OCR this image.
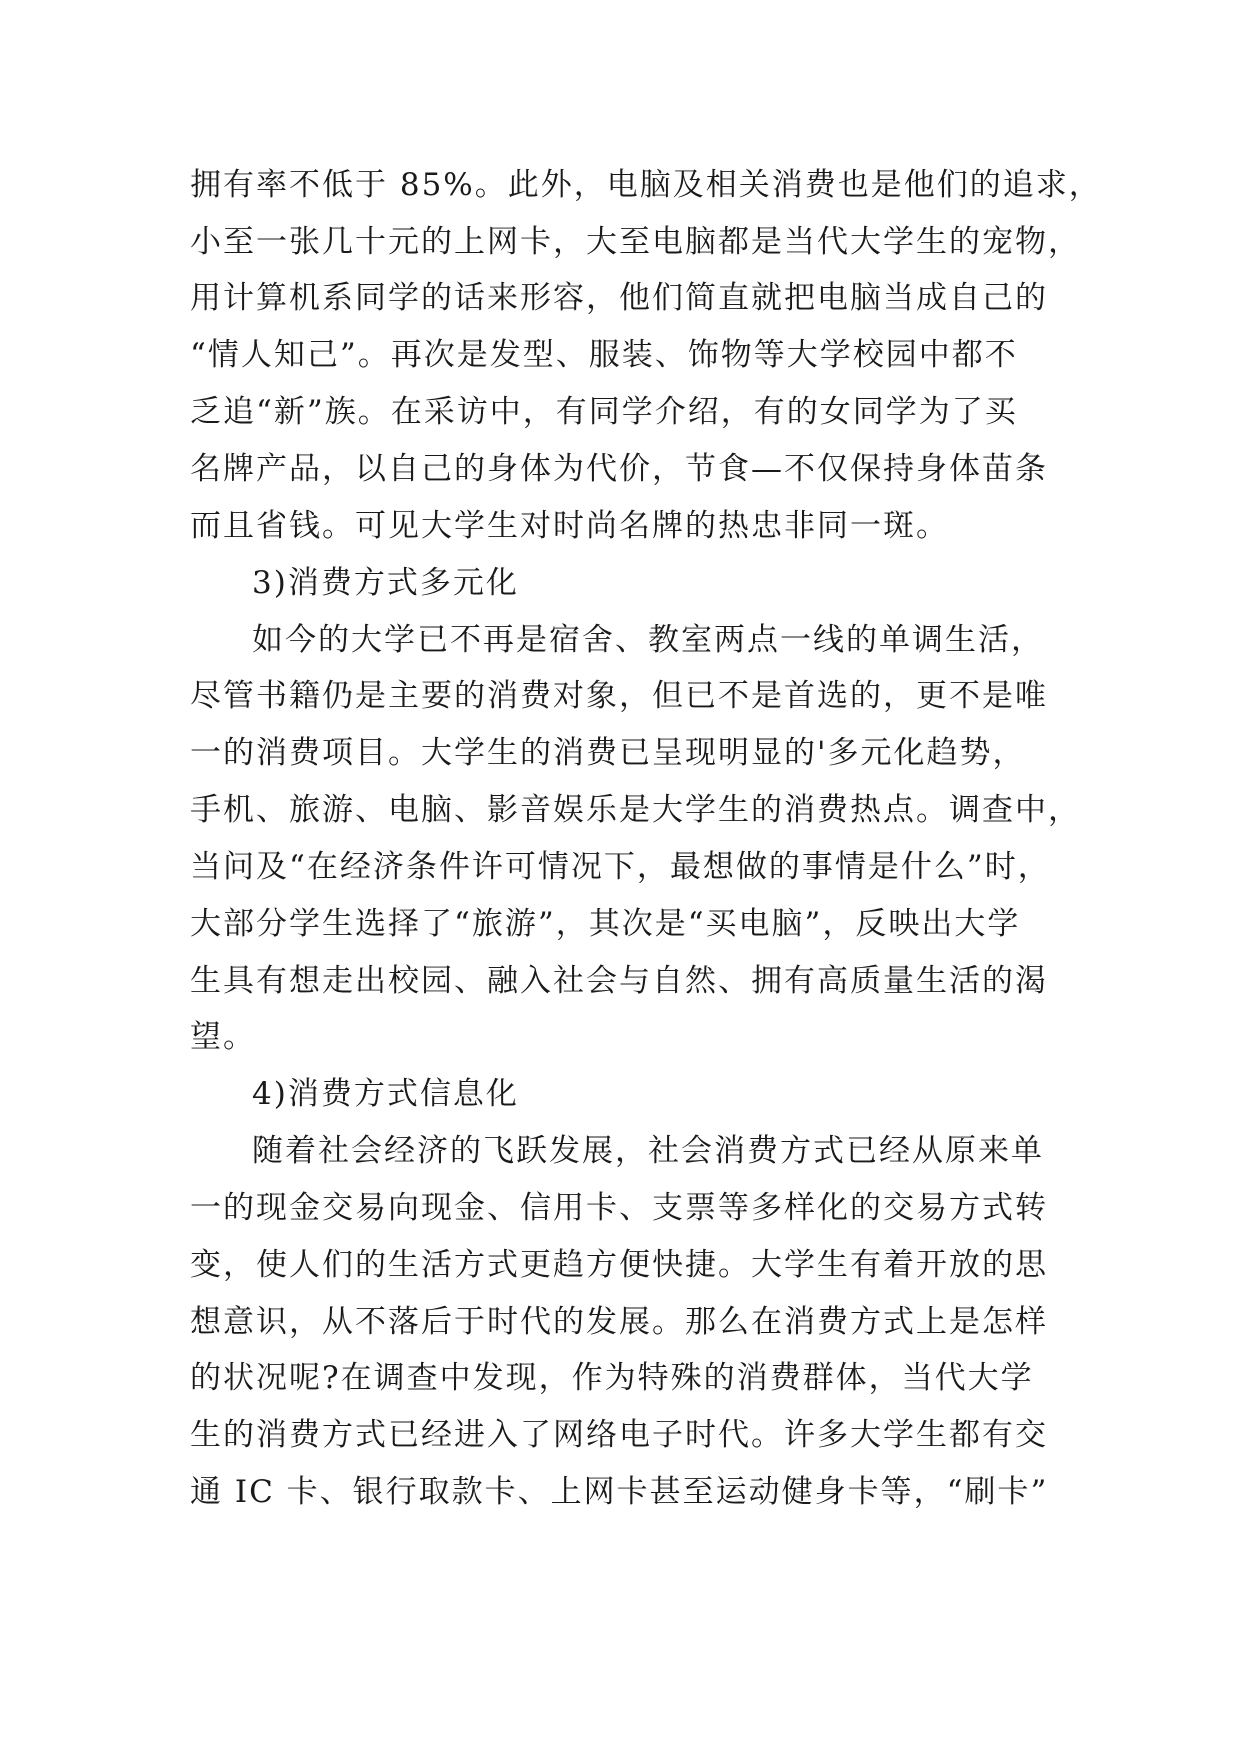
拥有率不低于 85%。此外，电脑及相关消费也是他们的追求，

小至一张几十元的上网卡，大至电脑都是当代大学生的宠物，

用计算机系同学的话来形容，他们简直就把电脑当成自己的

“情人知己”。再次是发型、服装、饰物等大学校园中都不

乏追“新”族。在采访中，有同学介绍，有的女同学为了买

名牌产品，以自己的身体为代价，节食—不仅保持身体苗条

而且省钱。可见大学生对时尚名牌的热忠非同一斑。

3)消费方式多元化

如今的大学已不再是宿舍、教室两点一线的单调生活，

尽管书籍仍是主要的消费对象，但已不是首选的，更不是唯

一的消费项目。大学生的消费已呈现明显的'多元化趋势，

手机、旅游、电脑、影音娱乐是大学生的消费热点。调查中，

当问及“在经济条件许可情况下，最想做的事情是什么”时，

大部分学生选择了“旅游”，其次是“买电脑”，反映出大学

生具有想走出校园、融入社会与自然、拥有高质量生活的渴

望。

4)消费方式信息化

随着社会经济的飞跃发展，社会消费方式已经从原来单

一的现金交易向现金、信用卡、支票等多样化的交易方式转

变，使人们的生活方式更趋方便快捷。大学生有着开放的思

想意识，从不落后于时代的发展。那么在消费方式上是怎样

的状况呢?在调查中发现，作为特殊的消费群体，当代大学

生的消费方式已经进入了网络电子时代。许多大学生都有交

通 IC 卡、银行取款卡、上网卡甚至运动健身卡等，“刷卡”
